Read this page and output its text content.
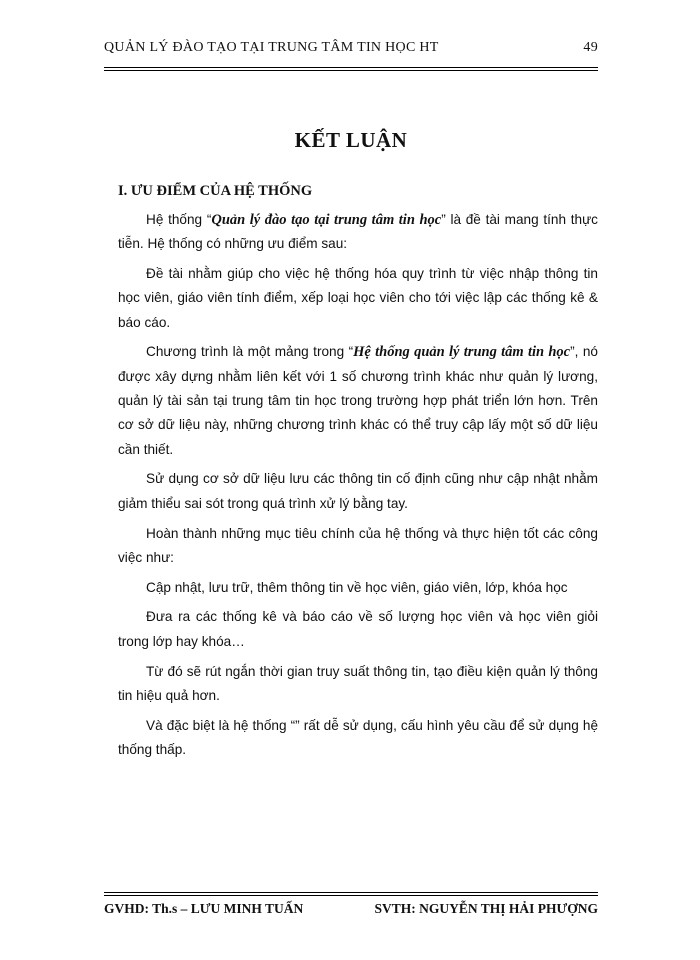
QUẢN LÝ ĐÀO TẠO TẠI TRUNG TÂM TIN HỌC HT	49
KẾT LUẬN
I. ƯU ĐIỂM CỦA HỆ THỐNG

Hệ thống “Quản lý đào tạo tại trung tâm tin học” là đề tài mang tính thực tiễn. Hệ thống có những ưu điểm sau:

Đề tài nhằm giúp cho việc hệ thống hóa quy trình từ việc nhập thông tin học viên, giáo viên tính điểm, xếp loại học viên cho tới việc lập các thống kê & báo cáo.

Chương trình là một mảng trong “Hệ thống quản lý trung tâm tin học”, nó được xây dựng nhằm liên kết với 1 số chương trình khác như quản lý lương, quản lý tài sản tại trung tâm tin học trong trường hợp phát triển lớn hơn. Trên cơ sở dữ liệu này, những chương trình khác có thể truy cập lấy một số dữ liệu cần thiết.

Sử dụng cơ sở dữ liệu lưu các thông tin cố định cũng như cập nhật nhằm giảm thiểu sai sót trong quá trình xử lý bằng tay.

Hoàn thành những mục tiêu chính của hệ thống và thực hiện tốt các công việc như:

Cập nhật, lưu trữ, thêm thông tin về học viên, giáo viên, lớp, khóa học

Đưa ra các thống kê và báo cáo về số lượng học viên và học viên giỏi trong lớp hay khóa…

Từ đó sẽ rút ngắn thời gian truy suất thông tin, tạo điều kiện quản lý thông tin hiệu quả hơn.

Và đặc biệt là hệ thống “” rất dễ sử dụng, cấu hình yêu cầu để sử dụng hệ thống thấp.

GVHD: Th.s – LƯU MINH TUẤN	SVTH: NGUYỄN THỊ HẢI PHƯỢNG
